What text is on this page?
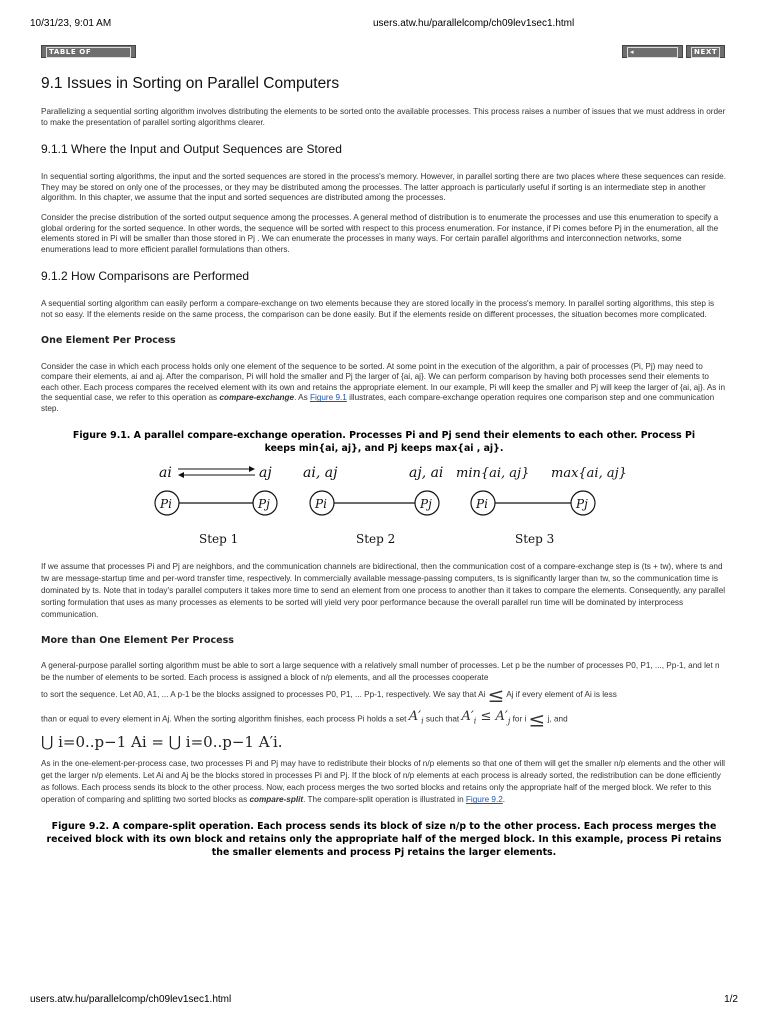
10/31/23, 9:01 AM	users.atw.hu/parallelcomp/ch09lev1sec1.html
TABLE OF CONTENTS
◂ PREVIOUS
NEXT ▸
9.1 Issues in Sorting on Parallel Computers

Parallelizing a sequential sorting algorithm involves distributing the elements to be sorted onto the available processes. This process raises a number of issues that we must address in order to make the presentation of parallel sorting algorithms clearer.

9.1.1 Where the Input and Output Sequences are Stored

In sequential sorting algorithms, the input and the sorted sequences are stored in the process's memory. However, in parallel sorting there are two places where these sequences can reside. They may be stored on only one of the processes, or they may be distributed among the processes. The latter approach is particularly useful if sorting is an intermediate step in another algorithm. In this chapter, we assume that the input and sorted sequences are distributed among the processes.

Consider the precise distribution of the sorted output sequence among the processes. A general method of distribution is to enumerate the processes and use this enumeration to specify a global ordering for the sorted sequence. In other words, the sequence will be sorted with respect to this process enumeration. For instance, if Pi comes before Pj in the enumeration, all the elements stored in Pi will be smaller than those stored in Pj . We can enumerate the processes in many ways. For certain parallel algorithms and interconnection networks, some enumerations lead to more efficient parallel formulations than others.

9.1.2 How Comparisons are Performed

A sequential sorting algorithm can easily perform a compare-exchange on two elements because they are stored locally in the process's memory. In parallel sorting algorithms, this step is not so easy. If the elements reside on the same process, the comparison can be done easily. But if the elements reside on different processes, the situation becomes more complicated.

One Element Per Process

Consider the case in which each process holds only one element of the sequence to be sorted. At some point in the execution of the algorithm, a pair of processes (Pi, Pj) may need to compare their elements, ai and aj. After the comparison, Pi will hold the smaller and Pj the larger of {ai, aj}. We can perform comparison by having both processes send their elements to each other. Each process compares the received element with its own and retains the appropriate element. In our example, Pi will keep the smaller and Pj will keep the larger of {ai, aj}. As in the sequential case, we refer to this operation as compare-exchange. As Figure 9.1 illustrates, each compare-exchange operation requires one comparison step and one communication step.

Figure 9.1. A parallel compare-exchange operation. Processes Pi and Pj send their elements to each other. Process Pi keeps min{ai, aj}, and Pj keeps max{ai , aj}.
ai	aj
Pi	Pj
Step 1
ai, aj	aj, ai
Pi	Pj
Step 2
min{ai, aj} max{ai, aj}
Pi	Pj
Step 3

If we assume that processes Pi and Pj are neighbors, and the communication channels are bidirectional, then the communication cost of a compare-exchange step is (ts + tw), where ts and tw are message-startup time and per-word transfer time, respectively. In commercially available message-passing computers, ts is significantly larger than tw, so the communication time is dominated by ts. Note that in today's parallel computers it takes more time to send an element from one process to another than it takes to compare the elements. Consequently, any parallel sorting formulation that uses as many processes as elements to be sorted will yield very poor performance because the overall parallel run time will be dominated by interprocess communication.

More than One Element Per Process

A general-purpose parallel sorting algorithm must be able to sort a large sequence with a relatively small number of processes. Let p be the number of processes P0, P1, ..., Pp-1, and let n be the number of elements to be sorted. Each process is assigned a block of n/p elements, and all the processes cooperate

to sort the sequence. Let A0, A1, ... A p-1 be the blocks assigned to processes P0, P1, ... Pp-1, respectively. We say that Ai ≤ Aj if every element of Ai is less
than or equal to every element in Aj. When the sorting algorithm finishes, each process Pi holds a set $A'_i$ such that $A'_i \le A'_j$ for i ≤ j, and
⋃ i=0..p−1 Ai = ⋃ i=0..p−1 A′i.

As in the one-element-per-process case, two processes Pi and Pj may have to redistribute their blocks of n/p elements so that one of them will get the smaller n/p elements and the other will get the larger n/p elements. Let Ai and Aj be the blocks stored in processes Pi and Pj. If the block of n/p elements at each process is already sorted, the redistribution can be done efficiently as follows. Each process sends its block to the other process. Now, each process merges the two sorted blocks and retains only the appropriate half of the merged block. We refer to this operation of comparing and splitting two sorted blocks as compare-split. The compare-split operation is illustrated in Figure 9.2.

Figure 9.2. A compare-split operation. Each process sends its block of size n/p to the other process. Each process merges the received block with its own block and retains only the appropriate half of the merged block. In this example, process Pi retains the smaller elements and process Pj retains the larger elements.
users.atw.hu/parallelcomp/ch09lev1sec1.html	1/2
